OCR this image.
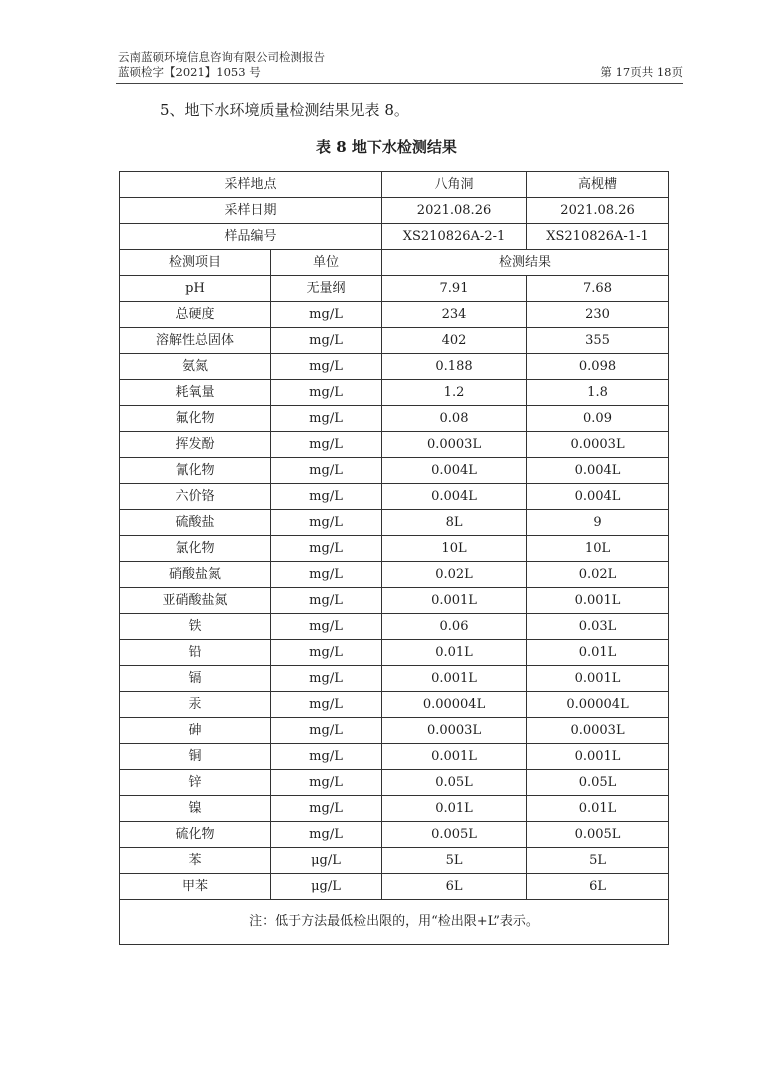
云南蓝硕环境信息咨询有限公司检测报告
蓝硕检字【2021】1053 号	第 17页共 18页
5、地下水环境质量检测结果见表 8。
表 8 地下水检测结果
采样地点		八角洞	高枧槽
采样日期		2021.08.26	2021.08.26
样品编号		XS210826A-2-1	XS210826A-1-1
检测项目	单位	检测结果	
pH	无量纲	7.91	7.68
总硬度	mg/L	234	230
溶解性总固体	mg/L	402	355
氨氮	mg/L	0.188	0.098
耗氧量	mg/L	1.2	1.8
氟化物	mg/L	0.08	0.09
挥发酚	mg/L	0.0003L	0.0003L
氰化物	mg/L	0.004L	0.004L
六价铬	mg/L	0.004L	0.004L
硫酸盐	mg/L	8L	9
氯化物	mg/L	10L	10L
硝酸盐氮	mg/L	0.02L	0.02L
亚硝酸盐氮	mg/L	0.001L	0.001L
铁	mg/L	0.06	0.03L
铅	mg/L	0.01L	0.01L
镉	mg/L	0.001L	0.001L
汞	mg/L	0.00004L	0.00004L
砷	mg/L	0.0003L	0.0003L
铜	mg/L	0.001L	0.001L
锌	mg/L	0.05L	0.05L
镍	mg/L	0.01L	0.01L
硫化物	mg/L	0.005L	0.005L
苯	μg/L	5L	5L
甲苯	μg/L	6L	6L
注：低于方法最低检出限的，用“检出限+L”表示。			
